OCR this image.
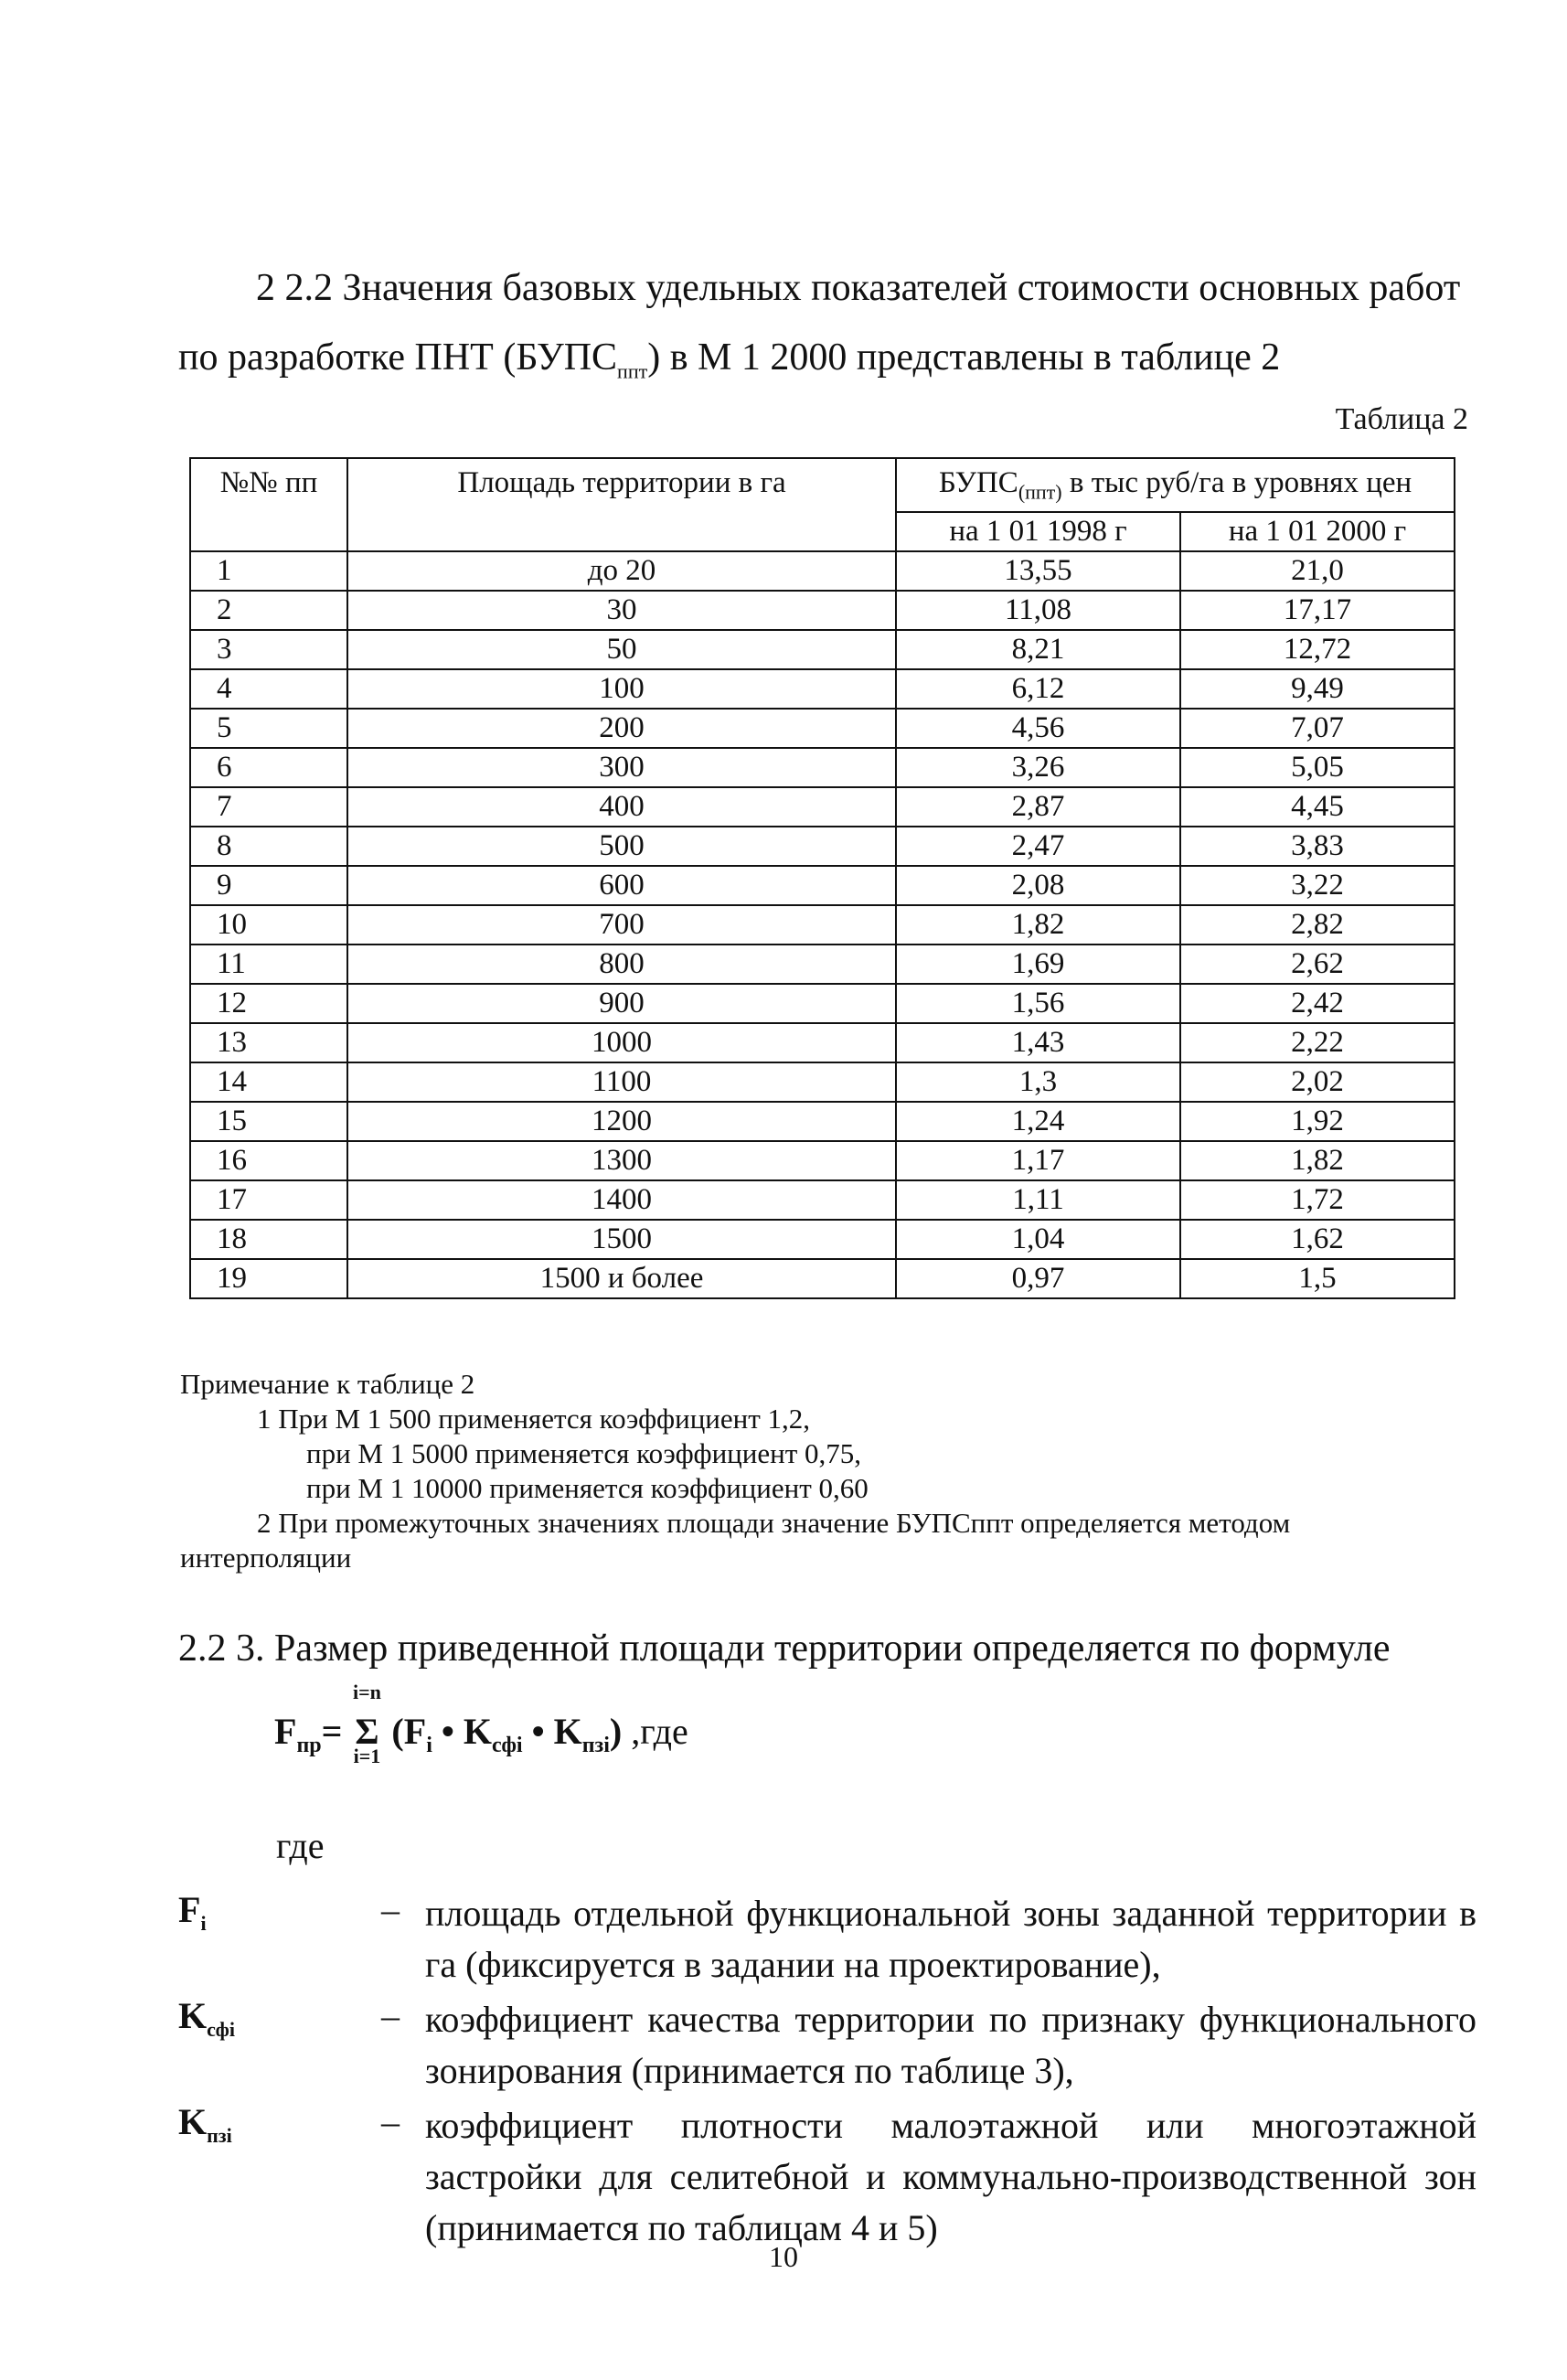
2 2.2 Значения базовых удельных показателей стоимости основных работ
по разработке ПНТ $(БУПС_{ппт})$ в М 1 2000 представлены в таблице 2
Таблица 2
№№ пп	Площадь территории в га	$БУПС_{(ппт)}$ в тыс руб/га в уровнях цен	
		на 1 01 1998 г	на 1 01 2000 г
1	до 20	13,55	21,0
2	30	11,08	17,17
3	50	8,21	12,72
4	100	6,12	9,49
5	200	4,56	7,07
6	300	3,26	5,05
7	400	2,87	4,45
8	500	2,47	3,83
9	600	2,08	3,22
10	700	1,82	2,82
11	800	1,69	2,62
12	900	1,56	2,42
13	1000	1,43	2,22
14	1100	1,3	2,02
15	1200	1,24	1,92
16	1300	1,17	1,82
17	1400	1,11	1,72
18	1500	1,04	1,62
19	1500 и более	0,97	1,5
Примечание к таблице 2
1 При М 1 500 применяется коэффициент 1,2,
при М 1 5000 применяется коэффициент 0,75,
при М 1 10000 применяется коэффициент 0,60
2 При промежуточных значениях площади значение БУПСппт определяется методом
интерполяции
2.2 3. Размер приведенной площади территории определяется по формуле
$F_{пр}=$
i=n
Σ
i=1
($F_i$ • $K_{сфi}$ • $K_{пзi}$) ,где
где
$F_i$	– площадь отдельной функциональной зоны заданной территории в га (фиксируется в задании на проектирование),
$K_{сфi}$	– коэффициент качества территории по признаку функционального зонирования (принимается по таблице 3),
$K_{пзi}$	– коэффициент плотности малоэтажной или многоэтажной застройки для селитебной и коммунально-производственной зон (принимается по таблицам 4 и 5)
10
